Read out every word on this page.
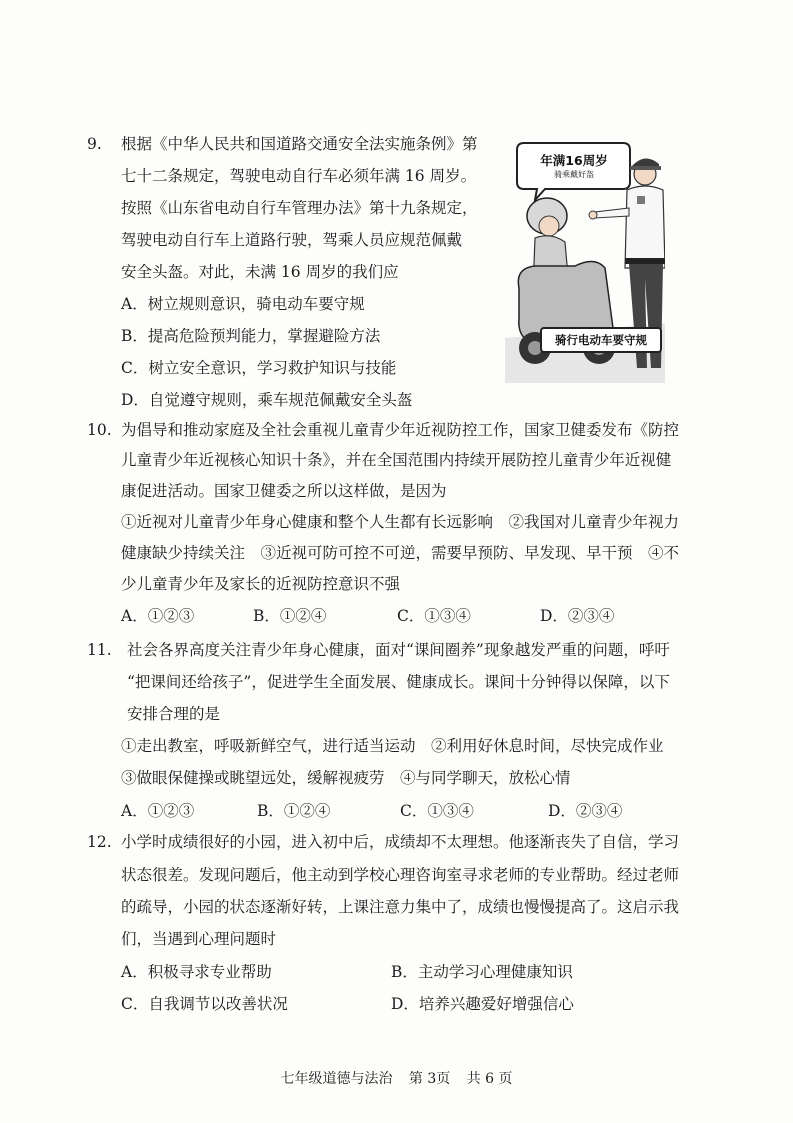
9. 根据《中华人民共和国道路交通安全法实施条例》第
七十二条规定，驾驶电动自行车必须年满 16 周岁。
按照《山东省电动自行车管理办法》第十九条规定，
驾驶电动自行车上道路行驶，驾乘人员应规范佩戴
安全头盔。对此，未满 16 周岁的我们应
A．树立规则意识，骑电动车要守规
B．提高危险预判能力，掌握避险方法
C．树立安全意识，学习救护知识与技能
D．自觉遵守规则，乘车规范佩戴安全头盔
年满16周岁
骑乘戴好盔
骑行电动车要守规
10. 为倡导和推动家庭及全社会重视儿童青少年近视防控工作，国家卫健委发布《防控
儿童青少年近视核心知识十条》，并在全国范围内持续开展防控儿童青少年近视健
康促进活动。国家卫健委之所以这样做，是因为
①近视对儿童青少年身心健康和整个人生都有长远影响　②我国对儿童青少年视力
健康缺少持续关注　③近视可防可控不可逆，需要早预防、早发现、早干预　④不
少儿童青少年及家长的近视防控意识不强
A．①②③	B．①②④	C．①③④	D．②③④
11. 社会各界高度关注青少年身心健康，面对“课间圈养”现象越发严重的问题，呼吁
“把课间还给孩子”，促进学生全面发展、健康成长。课间十分钟得以保障，以下
安排合理的是
①走出教室，呼吸新鲜空气，进行适当运动　②利用好休息时间，尽快完成作业
③做眼保健操或眺望远处，缓解视疲劳　④与同学聊天，放松心情
A．①②③	B．①②④	C．①③④	D．②③④
12. 小学时成绩很好的小园，进入初中后，成绩却不太理想。他逐渐丧失了自信，学习
状态很差。发现问题后，他主动到学校心理咨询室寻求老师的专业帮助。经过老师
的疏导，小园的状态逐渐好转，上课注意力集中了，成绩也慢慢提高了。这启示我
们，当遇到心理问题时
A．积极寻求专业帮助	B．主动学习心理健康知识
C．自我调节以改善状况	D．培养兴趣爱好增强信心
七年级道德与法治 第 3页 共 6 页
